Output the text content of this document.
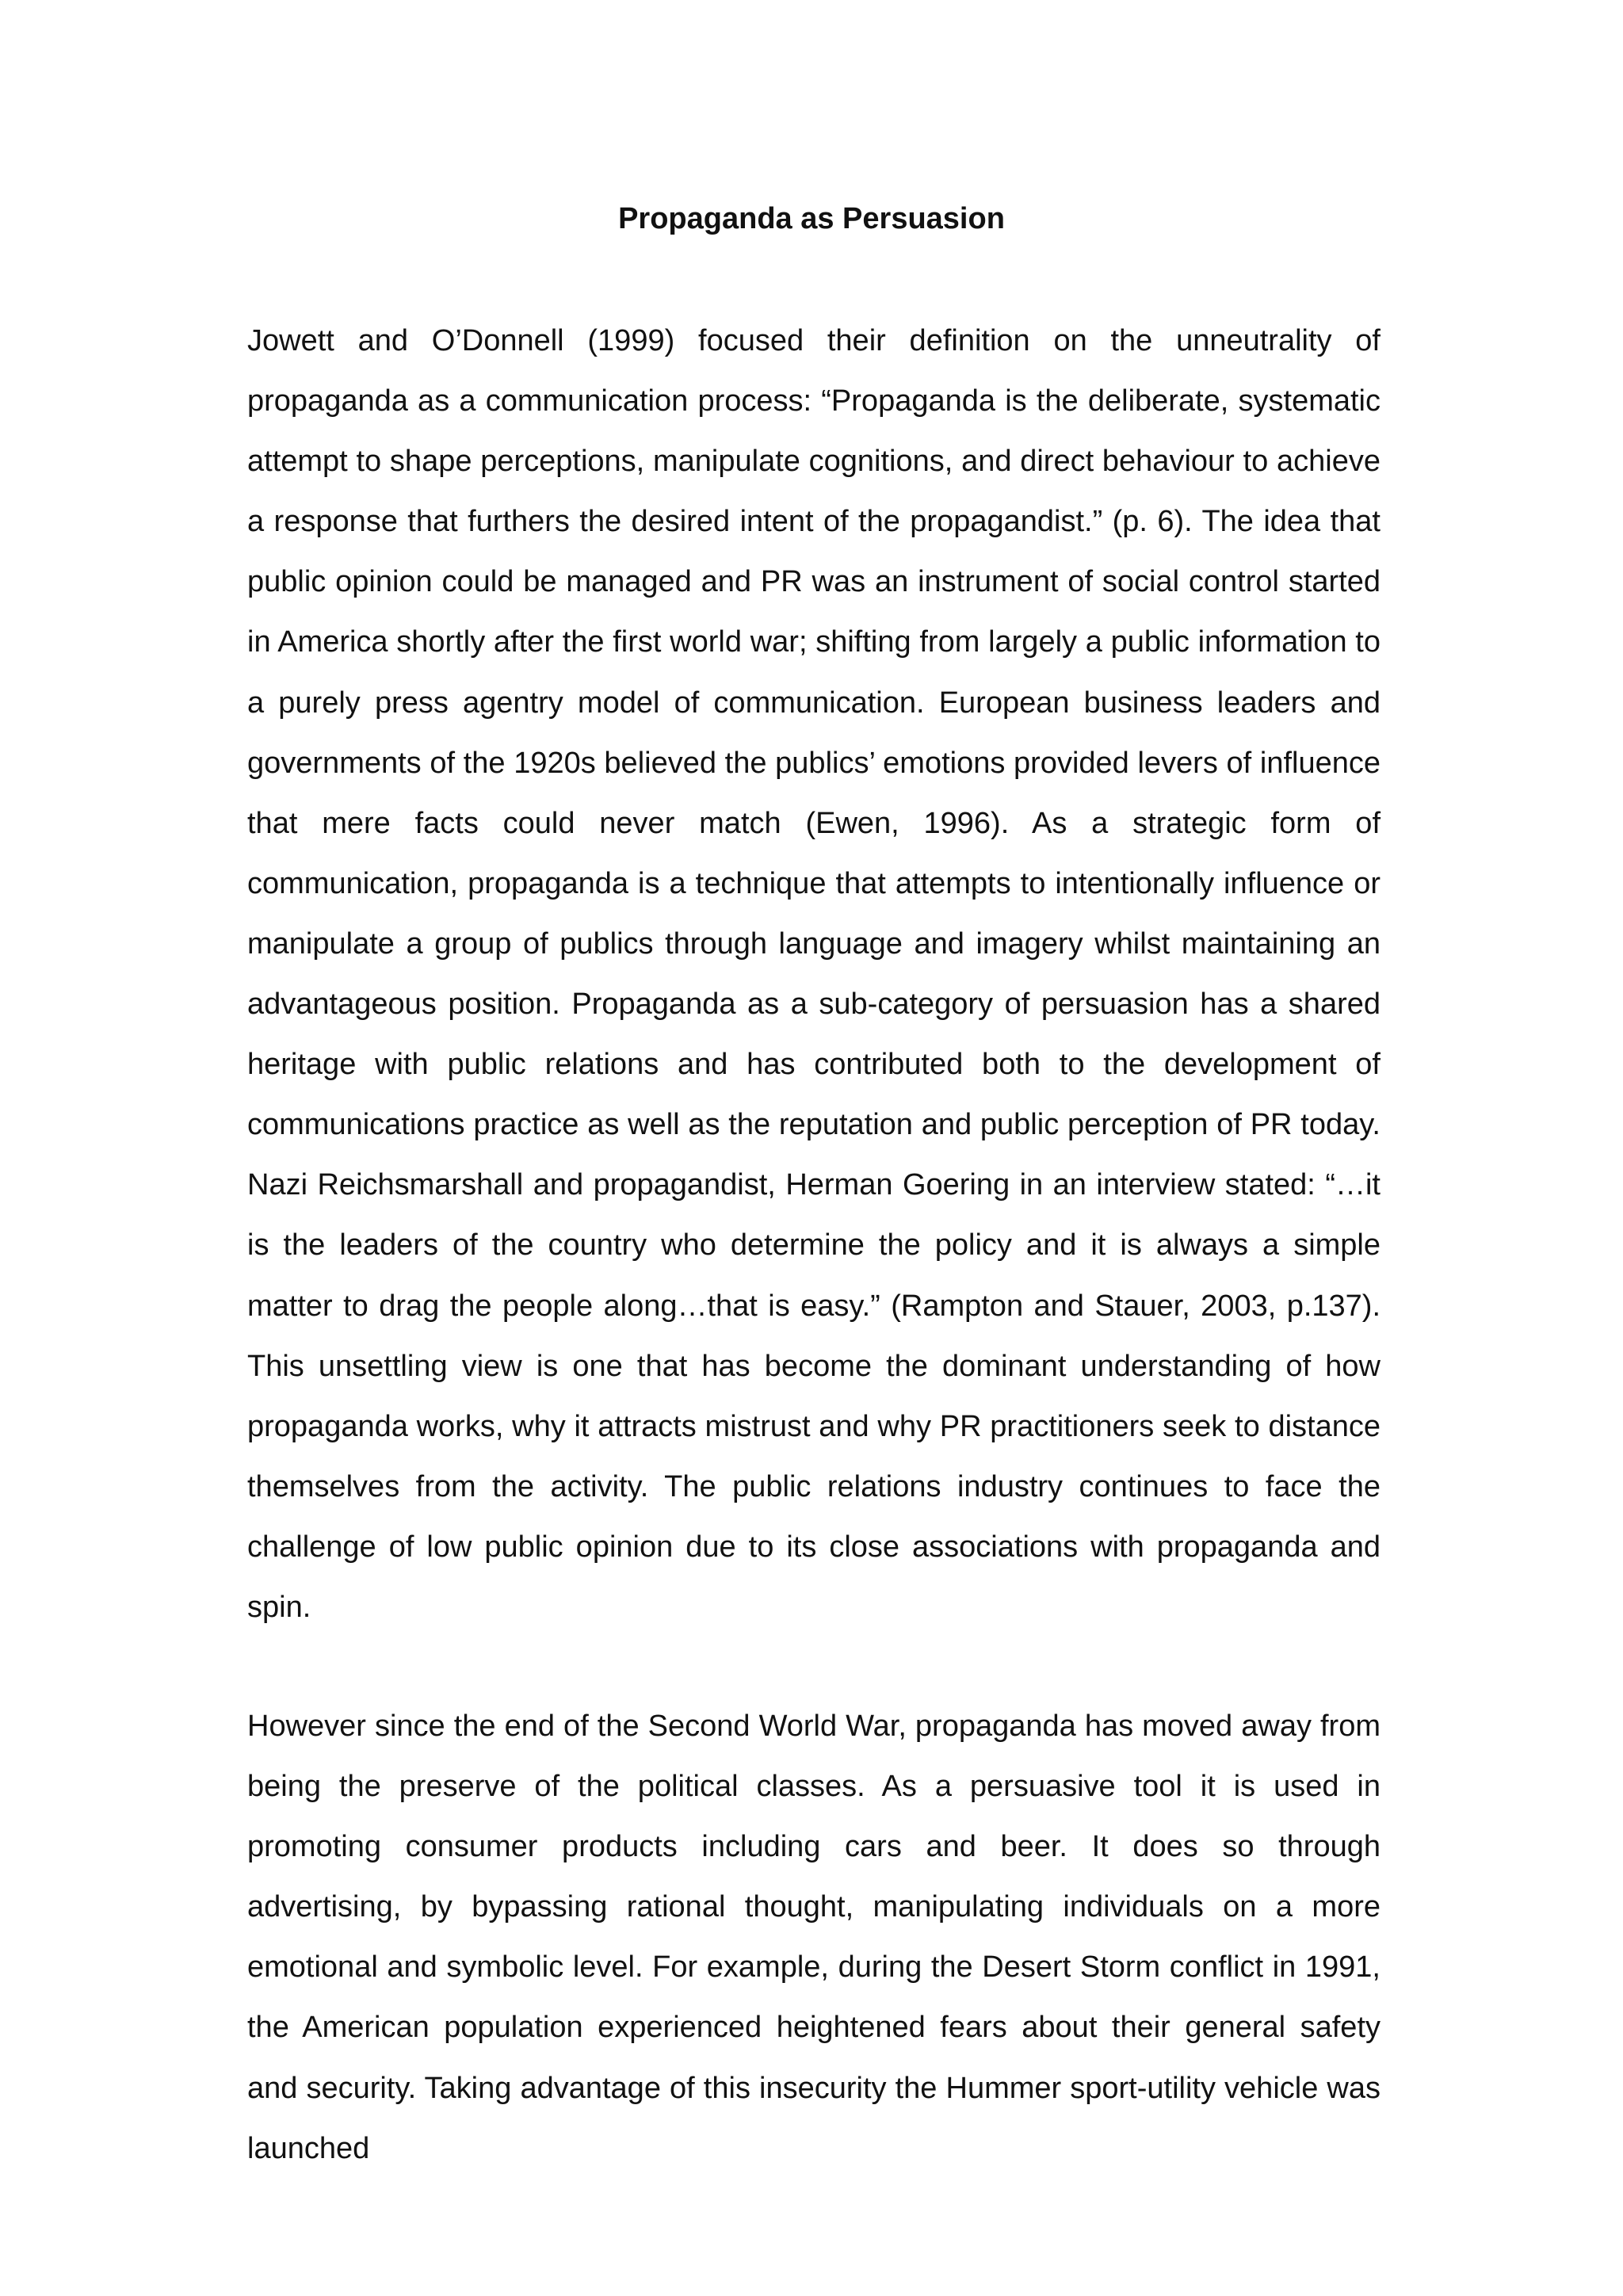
Propaganda as Persuasion

Jowett and O’Donnell (1999) focused their definition on the unneutrality of propaganda as a communication process: “Propaganda is the deliberate, systematic attempt to shape perceptions, manipulate cognitions, and direct behaviour to achieve a response that furthers the desired intent of the propagandist.” (p. 6). The idea that public opinion could be managed and PR was an instrument of social control started in America shortly after the first world war; shifting from largely a public information to a purely press agentry model of communication. European business leaders and governments of the 1920s believed the publics’ emotions provided levers of influence that mere facts could never match (Ewen, 1996). As a strategic form of communication, propaganda is a technique that attempts to intentionally influence or manipulate a group of publics through language and imagery whilst maintaining an advantageous position. Propaganda as a sub-category of persuasion has a shared heritage with public relations and has contributed both to the development of communications practice as well as the reputation and public perception of PR today. Nazi Reichsmarshall and propagandist, Herman Goering in an interview stated: “…it is the leaders of the country who determine the policy and it is always a simple matter to drag the people along…that is easy.” (Rampton and Stauer, 2003, p.137). This unsettling view is one that has become the dominant understanding of how propaganda works, why it attracts mistrust and why PR practitioners seek to distance themselves from the activity. The public relations industry continues to face the challenge of low public opinion due to its close associations with propaganda and spin.

However since the end of the Second World War, propaganda has moved away from being the preserve of the political classes. As a persuasive tool it is used in promoting consumer products including cars and beer. It does so through advertising, by bypassing rational thought, manipulating individuals on a more emotional and symbolic level. For example, during the Desert Storm conflict in 1991, the American population experienced heightened fears about their general safety and security. Taking advantage of this insecurity the Hummer sport-utility vehicle was launched
